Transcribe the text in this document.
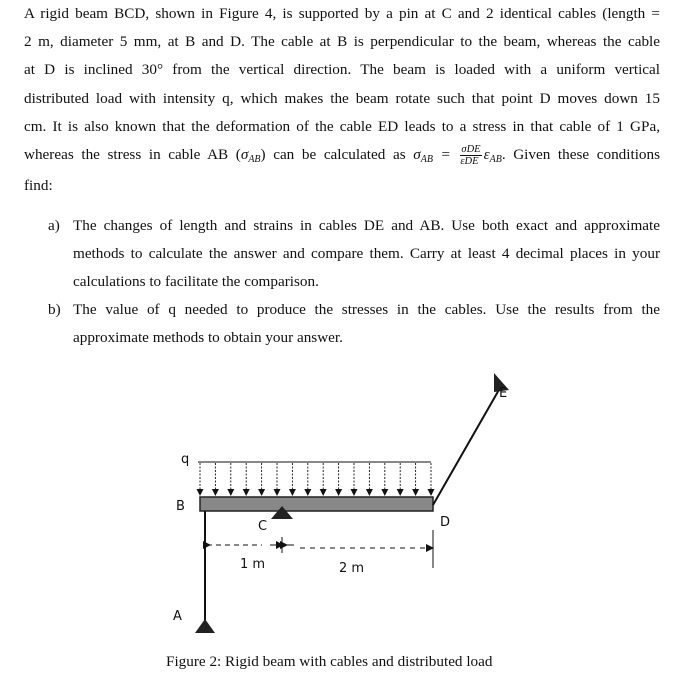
A rigid beam BCD, shown in Figure 4, is supported by a pin at C and 2 identical cables (length =
2 m, diameter 5 mm, at B and D. The cable at B is perpendicular to the beam, whereas the cable
at D is inclined 30° from the vertical direction. The beam is loaded with a uniform vertical
distributed load with intensity q, which makes the beam rotate such that point D moves down 15
cm. It is also known that the deformation of the cable ED leads to a stress in that cable of 1 GPa,
whereas the stress in cable AB $(\sigma_{AB})$ can be calculated as $\sigma_{AB} = \frac{\text{σDE}}{\text{εDE}} \varepsilon_{AB}$. Given these conditions
find:
a) The changes of length and strains in cables DE and AB. Use both exact and approximate
methods to calculate the answer and compare them. Carry at least 4 decimal places in your
calculations to facilitate the comparison.
b) The value of q needed to produce the stresses in the cables. Use the results from the
approximate methods to obtain your answer.
q
B
C	D
A
E
1 m	2 m
Figure 2: Rigid beam with cables and distributed load
